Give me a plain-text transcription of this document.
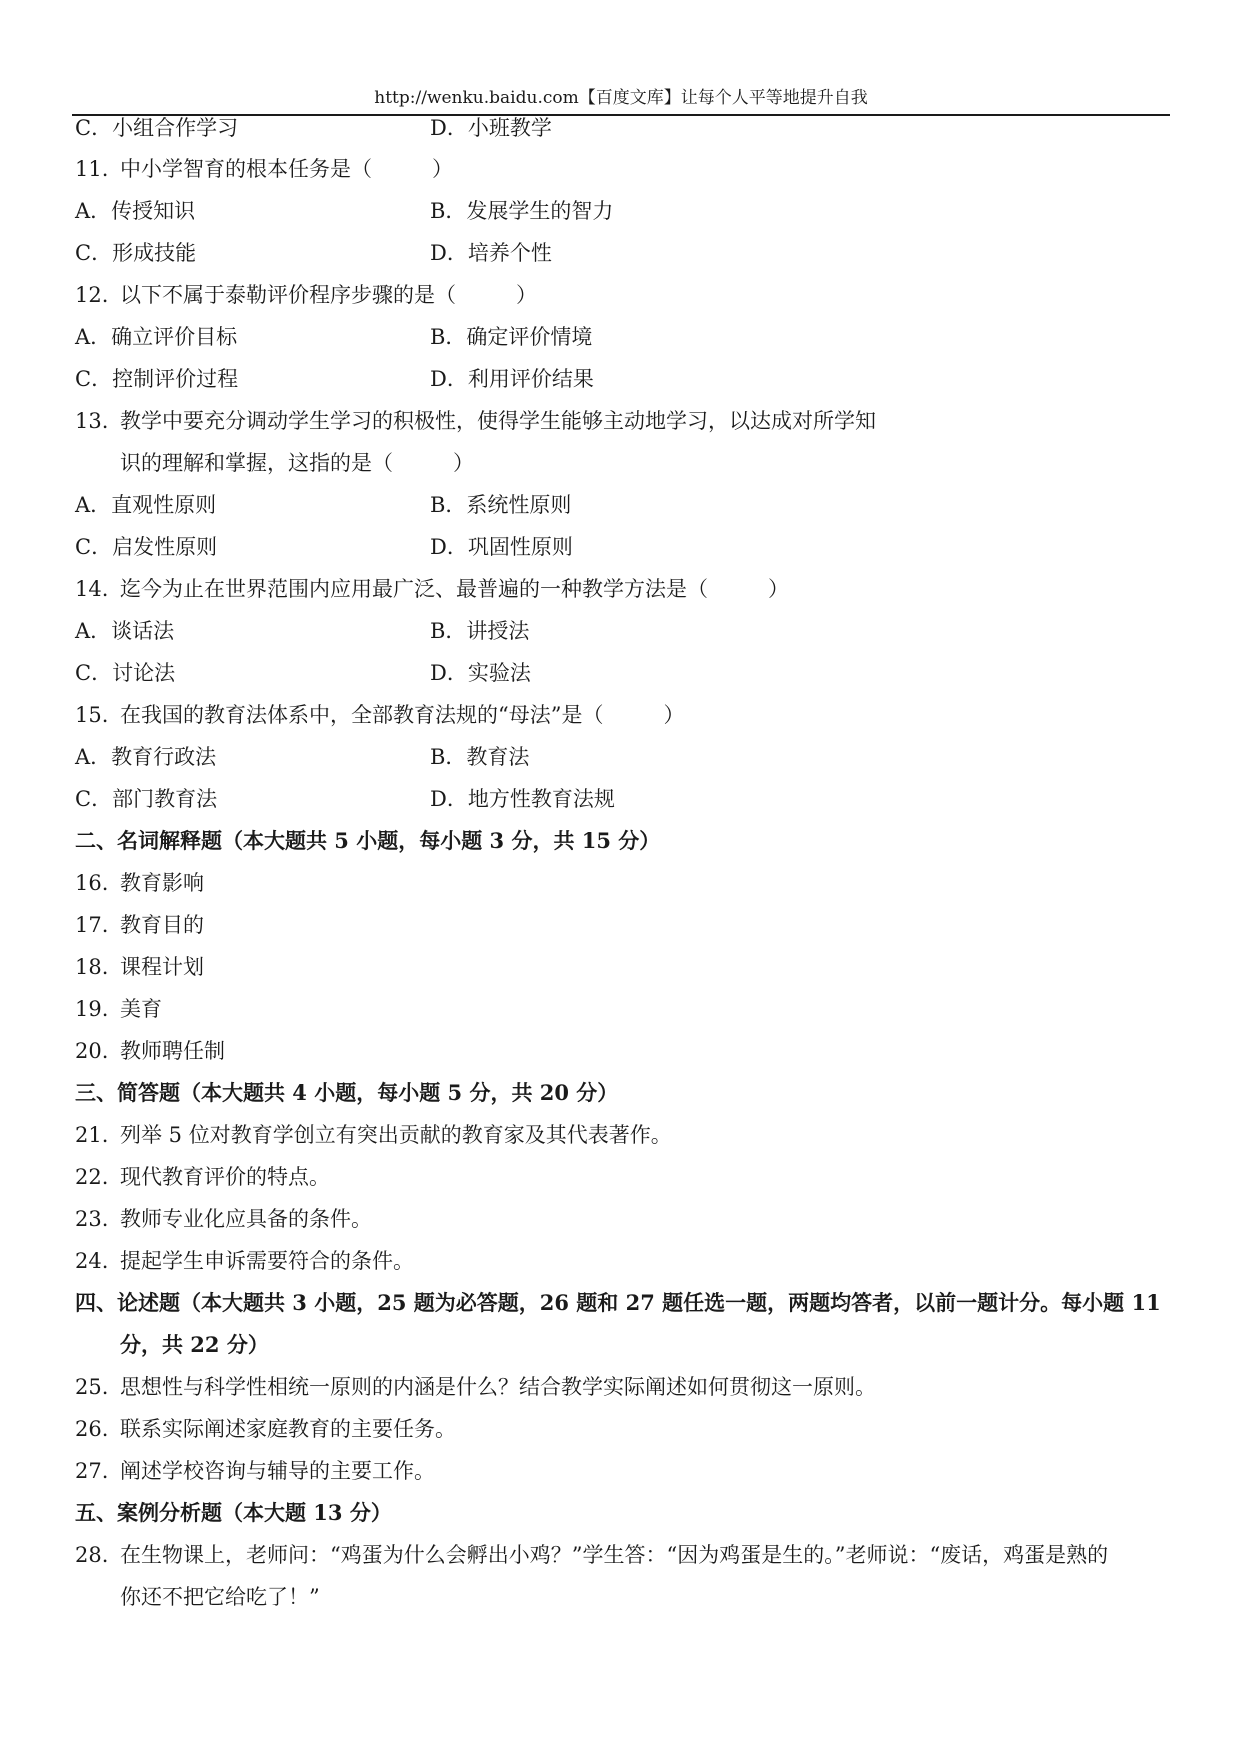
http://wenku.baidu.com【百度文库】让每个人平等地提升自我
C．小组合作学习	D．小班教学
11. 中小学智育的根本任务是（	）
A．传授知识	B．发展学生的智力
C．形成技能	D．培养个性
12. 以下不属于泰勒评价程序步骤的是（	）
A．确立评价目标	B．确定评价情境
C．控制评价过程	D．利用评价结果
13. 教学中要充分调动学生学习的积极性，使得学生能够主动地学习，以达成对所学知
识的理解和掌握，这指的是（	）
A．直观性原则	B．系统性原则
C．启发性原则	D．巩固性原则
14. 迄今为止在世界范围内应用最广泛、最普遍的一种教学方法是（	）
A．谈话法	B．讲授法
C．讨论法	D．实验法
15. 在我国的教育法体系中，全部教育法规的“母法”是（	）
A．教育行政法	B．教育法
C．部门教育法	D．地方性教育法规
二、名词解释题（本大题共 5 小题，每小题 3 分，共 15 分）
16. 教育影响
17. 教育目的
18. 课程计划
19. 美育
20. 教师聘任制
三、简答题（本大题共 4 小题，每小题 5 分，共 20 分）
21. 列举 5 位对教育学创立有突出贡献的教育家及其代表著作。
22. 现代教育评价的特点。
23. 教师专业化应具备的条件。
24. 提起学生申诉需要符合的条件。
四、论述题（本大题共 3 小题，25 题为必答题，26 题和 27 题任选一题，两题均答者，以前一题计分。每小题 11
分，共 22 分）
25. 思想性与科学性相统一原则的内涵是什么？结合教学实际阐述如何贯彻这一原则。
26. 联系实际阐述家庭教育的主要任务。
27. 阐述学校咨询与辅导的主要工作。
五、案例分析题（本大题 13 分）
28. 在生物课上，老师问：“鸡蛋为什么会孵出小鸡？”学生答：“因为鸡蛋是生的。”老师说：“废话，鸡蛋是熟的
你还不把它给吃了！”
